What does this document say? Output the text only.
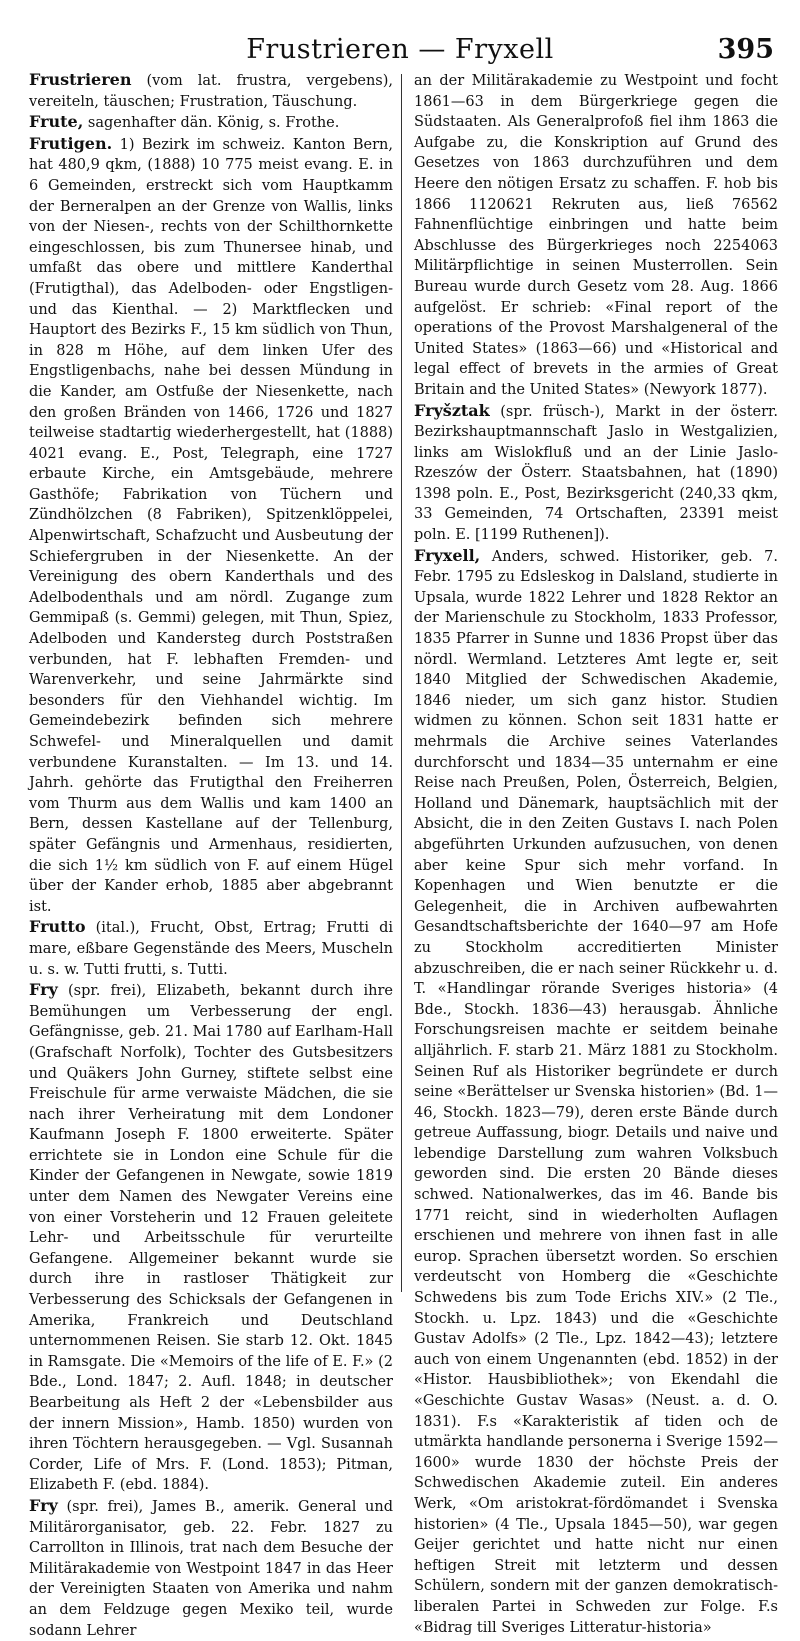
Frustrieren — Fryxell	395

Frustrieren (vom lat. frustra, vergebens), vereiteln, täuschen; Frustration, Täuschung.

Frute, sagenhafter dän. König, s. Frothe.

Frutigen. 1) Bezirk im schweiz. Kanton Bern, hat 480,9 qkm, (1888) 10 775 meist evang. E. in 6 Gemeinden, erstreckt sich vom Hauptkamm der Berneralpen an der Grenze von Wallis, links von der Niesen-, rechts von der Schilthornkette eingeschlossen, bis zum Thunersee hinab, und umfaßt das obere und mittlere Kanderthal (Frutigthal), das Adelboden- oder Engstligen- und das Kienthal. — 2) Marktflecken und Hauptort des Bezirks F., 15 km südlich von Thun, in 828 m Höhe, auf dem linken Ufer des Engstligenbachs, nahe bei dessen Mündung in die Kander, am Ostfuße der Niesenkette, nach den großen Bränden von 1466, 1726 und 1827 teilweise stadtartig wiederhergestellt, hat (1888) 4021 evang. E., Post, Telegraph, eine 1727 erbaute Kirche, ein Amtsgebäude, mehrere Gasthöfe; Fabrikation von Tüchern und Zündhölzchen (8 Fabriken), Spitzenklöppelei, Alpenwirtschaft, Schafzucht und Ausbeutung der Schiefergruben in der Niesenkette. An der Vereinigung des obern Kanderthals und des Adelbodenthals und am nördl. Zugange zum Gemmipaß (s. Gemmi) gelegen, mit Thun, Spiez, Adelboden und Kandersteg durch Poststraßen verbunden, hat F. lebhaften Fremden- und Warenverkehr, und seine Jahrmärkte sind besonders für den Viehhandel wichtig. Im Gemeindebezirk befinden sich mehrere Schwefel- und Mineralquellen und damit verbundene Kuranstalten. — Im 13. und 14. Jahrh. gehörte das Frutigthal den Freiherren vom Thurm aus dem Wallis und kam 1400 an Bern, dessen Kastellane auf der Tellenburg, später Gefängnis und Armenhaus, residierten, die sich 1½ km südlich von F. auf einem Hügel über der Kander erhob, 1885 aber abgebrannt ist.

Frutto (ital.), Frucht, Obst, Ertrag; Frutti di mare, eßbare Gegenstände des Meers, Muscheln u. s. w. Tutti frutti, s. Tutti.

Fry (spr. frei), Elizabeth, bekannt durch ihre Bemühungen um Verbesserung der engl. Gefängnisse, geb. 21. Mai 1780 auf Earlham-Hall (Grafschaft Norfolk), Tochter des Gutsbesitzers und Quäkers John Gurney, stiftete selbst eine Freischule für arme verwaiste Mädchen, die sie nach ihrer Verheiratung mit dem Londoner Kaufmann Joseph F. 1800 erweiterte. Später errichtete sie in London eine Schule für die Kinder der Gefangenen in Newgate, sowie 1819 unter dem Namen des Newgater Vereins eine von einer Vorsteherin und 12 Frauen geleitete Lehr- und Arbeitsschule für verurteilte Gefangene. Allgemeiner bekannt wurde sie durch ihre in rastloser Thätigkeit zur Verbesserung des Schicksals der Gefangenen in Amerika, Frankreich und Deutschland unternommenen Reisen. Sie starb 12. Okt. 1845 in Ramsgate. Die «Memoirs of the life of E. F.» (2 Bde., Lond. 1847; 2. Aufl. 1848; in deutscher Bearbeitung als Heft 2 der «Lebensbilder aus der innern Mission», Hamb. 1850) wurden von ihren Töchtern herausgegeben. — Vgl. Susannah Corder, Life of Mrs. F. (Lond. 1853); Pitman, Elizabeth F. (ebd. 1884).

Fry (spr. frei), James B., amerik. General und Militärorganisator, geb. 22. Febr. 1827 zu Carrollton in Illinois, trat nach dem Besuche der Militärakademie von Westpoint 1847 in das Heer der Vereinigten Staaten von Amerika und nahm an dem Feldzuge gegen Mexiko teil, wurde sodann Lehrer

an der Militärakademie zu Westpoint und focht 1861—63 in dem Bürgerkriege gegen die Südstaaten. Als Generalprofoß fiel ihm 1863 die Aufgabe zu, die Konskription auf Grund des Gesetzes von 1863 durchzuführen und dem Heere den nötigen Ersatz zu schaffen. F. hob bis 1866 1120621 Rekruten aus, ließ 76562 Fahnenflüchtige einbringen und hatte beim Abschlusse des Bürgerkrieges noch 2254063 Militärpflichtige in seinen Musterrollen. Sein Bureau wurde durch Gesetz vom 28. Aug. 1866 aufgelöst. Er schrieb: «Final report of the operations of the Provost Marshalgeneral of the United States» (1863—66) und «Historical and legal effect of brevets in the armies of Great Britain and the United States» (Newyork 1877).

Fryšztak (spr. früsch-), Markt in der österr. Bezirkshauptmannschaft Jaslo in Westgalizien, links am Wislokfluß und an der Linie Jaslo-Rzeszów der Österr. Staatsbahnen, hat (1890) 1398 poln. E., Post, Bezirksgericht (240,33 qkm, 33 Gemeinden, 74 Ortschaften, 23391 meist poln. E. [1199 Ruthenen]).

Fryxell, Anders, schwed. Historiker, geb. 7. Febr. 1795 zu Edsleskog in Dalsland, studierte in Upsala, wurde 1822 Lehrer und 1828 Rektor an der Marienschule zu Stockholm, 1833 Professor, 1835 Pfarrer in Sunne und 1836 Propst über das nördl. Wermland. Letzteres Amt legte er, seit 1840 Mitglied der Schwedischen Akademie, 1846 nieder, um sich ganz histor. Studien widmen zu können. Schon seit 1831 hatte er mehrmals die Archive seines Vaterlandes durchforscht und 1834—35 unternahm er eine Reise nach Preußen, Polen, Österreich, Belgien, Holland und Dänemark, hauptsächlich mit der Absicht, die in den Zeiten Gustavs I. nach Polen abgeführten Urkunden aufzusuchen, von denen aber keine Spur sich mehr vorfand. In Kopenhagen und Wien benutzte er die Gelegenheit, die in Archiven aufbewahrten Gesandtschaftsberichte der 1640—97 am Hofe zu Stockholm accreditierten Minister abzuschreiben, die er nach seiner Rückkehr u. d. T. «Handlingar rörande Sveriges historia» (4 Bde., Stockh. 1836—43) herausgab. Ähnliche Forschungsreisen machte er seitdem beinahe alljährlich. F. starb 21. März 1881 zu Stockholm. Seinen Ruf als Historiker begründete er durch seine «Berättelser ur Svenska historien» (Bd. 1—46, Stockh. 1823—79), deren erste Bände durch getreue Auffassung, biogr. Details und naive und lebendige Darstellung zum wahren Volksbuch geworden sind. Die ersten 20 Bände dieses schwed. Nationalwerkes, das im 46. Bande bis 1771 reicht, sind in wiederholten Auflagen erschienen und mehrere von ihnen fast in alle europ. Sprachen übersetzt worden. So erschien verdeutscht von Homberg die «Geschichte Schwedens bis zum Tode Erichs XIV.» (2 Tle., Stockh. u. Lpz. 1843) und die «Geschichte Gustav Adolfs» (2 Tle., Lpz. 1842—43); letztere auch von einem Ungenannten (ebd. 1852) in der «Histor. Hausbibliothek»; von Ekendahl die «Geschichte Gustav Wasas» (Neust. a. d. O. 1831). F.s «Karakteristik af tiden och de utmärkta handlande personerna i Sverige 1592—1600» wurde 1830 der höchste Preis der Schwedischen Akademie zuteil. Ein anderes Werk, «Om aristokrat-fördömandet i Svenska historien» (4 Tle., Upsala 1845—50), war gegen Geijer gerichtet und hatte nicht nur einen heftigen Streit mit letzterm und dessen Schülern, sondern mit der ganzen demokratisch-liberalen Partei in Schweden zur Folge. F.s «Bidrag till Sveriges Litteratur-historia»
